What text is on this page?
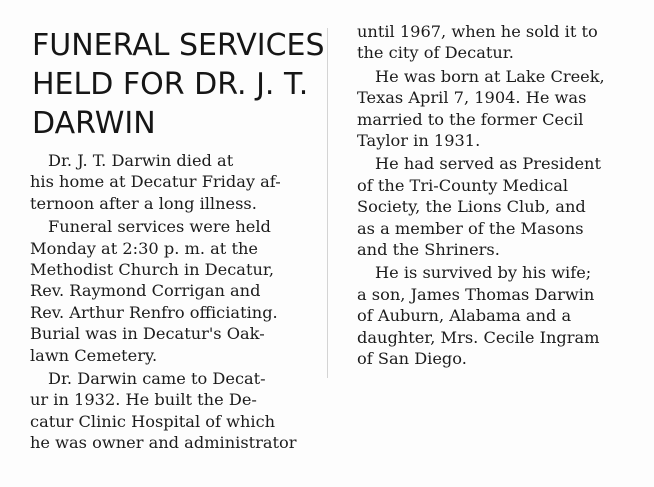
FUNERAL SERVICES
HELD FOR DR. J. T.
DARWIN

Dr. J. T. Darwin died at
his home at Decatur Friday af-
ternoon after a long illness.

Funeral services were held
Monday at 2:30 p. m. at the
Methodist Church in Decatur,
Rev. Raymond Corrigan and
Rev. Arthur Renfro officiating.
Burial was in Decatur's Oak-
lawn Cemetery.

Dr. Darwin came to Decat-
ur in 1932. He built the De-
catur Clinic Hospital of which
he was owner and administrator

until 1967, when he sold it to
the city of Decatur.

He was born at Lake Creek,
Texas April 7, 1904. He was
married to the former Cecil
Taylor in 1931.

He had served as President
of the Tri-County Medical
Society, the Lions Club, and
as a member of the Masons
and the Shriners.

He is survived by his wife;
a son, James Thomas Darwin
of Auburn, Alabama and a
daughter, Mrs. Cecile Ingram
of San Diego.
